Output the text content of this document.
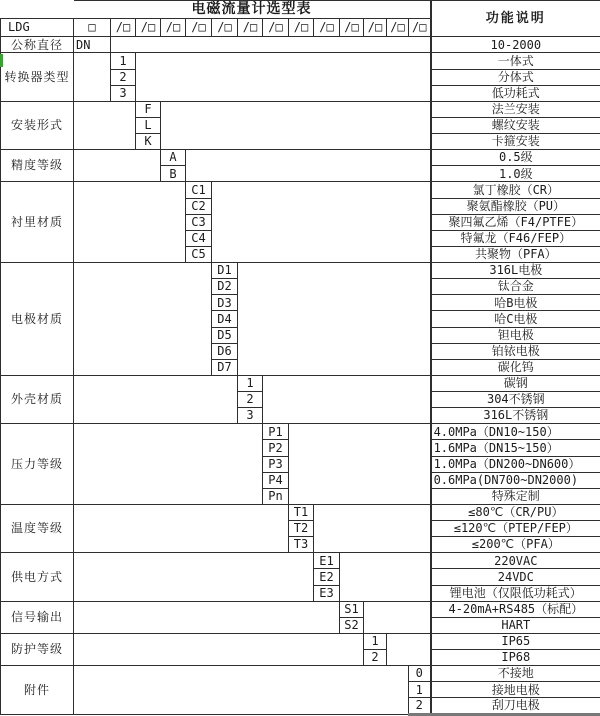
	电磁流量计选型表														功能说明
LDG	□	/□	/□	/□	/□	/□	/□	/□	/□	/□	/□	/□	/□	/□	
公称直径	DN														10-2000
转换器类型		1													一体式
		2													分体式
		3													低功耗式
安装形式			F												法兰安装
			L												螺纹安装
			K												卡箍安装
精度等级				A											0.5级
				B											1.0级
衬里材质					C1										氯丁橡胶（CR）
					C2										聚氨酯橡胶（PU）
					C3										聚四氟乙烯（F4/PTFE）
					C4										特氟龙（F46/FEP）
					C5										共聚物（PFA）
电极材质						D1									316L电极
						D2									钛合金
						D3									哈B电极
						D4									哈C电极
						D5									钽电极
						D6									铂铱电极
						D7									碳化钨
外壳材质							1								碳钢
							2								304不锈钢
							3								316L不锈钢
压力等级								P1							4.0MPa（DN10~150）
								P2							1.6MPa（DN15~150）
								P3							1.0MPa（DN200~DN600）
								P4							0.6MPa(DN700~DN2000)
								Pn							特殊定制
温度等级									T1						≤80℃（CR/PU）
									T2						≤120℃（PTEP/FEP）
									T3						≤200℃（PFA）
供电方式										E1					220VAC
										E2					24VDC
										E3					锂电池（仅限低功耗式）
信号输出											S1				4-20mA+RS485（标配）
											S2				HART
防护等级												1			IP65
												2			IP68
附件														0	不接地
														1	接地电极
														2	刮刀电极
